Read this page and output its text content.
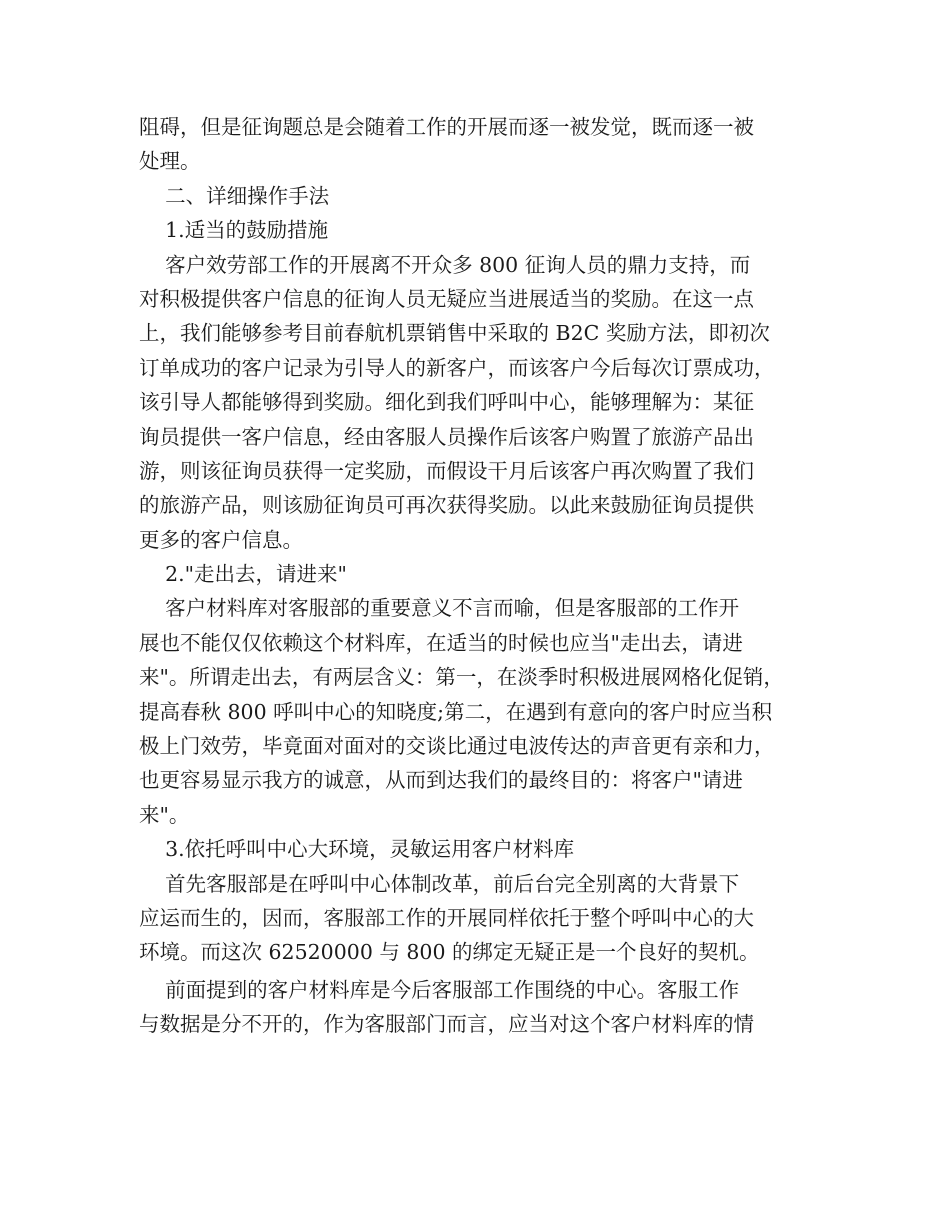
阻碍，但是征询题总是会随着工作的开展而逐一被发觉，既而逐一被
处理。
二、详细操作手法
1.适当的鼓励措施
客户效劳部工作的开展离不开众多 800 征询人员的鼎力支持，而
对积极提供客户信息的征询人员无疑应当进展适当的奖励。在这一点
上，我们能够参考目前春航机票销售中采取的 B2C 奖励方法，即初次
订单成功的客户记录为引导人的新客户，而该客户今后每次订票成功，
该引导人都能够得到奖励。细化到我们呼叫中心，能够理解为：某征
询员提供一客户信息，经由客服人员操作后该客户购置了旅游产品出
游，则该征询员获得一定奖励，而假设干月后该客户再次购置了我们
的旅游产品，则该励征询员可再次获得奖励。以此来鼓励征询员提供
更多的客户信息。
2."走出去，请进来"
客户材料库对客服部的重要意义不言而喻，但是客服部的工作开
展也不能仅仅依赖这个材料库，在适当的时候也应当"走出去，请进
来"。所谓走出去，有两层含义：第一，在淡季时积极进展网格化促销，
提高春秋 800 呼叫中心的知晓度;第二，在遇到有意向的客户时应当积
极上门效劳，毕竟面对面对的交谈比通过电波传达的声音更有亲和力，
也更容易显示我方的诚意，从而到达我们的最终目的：将客户"请进
来"。
3.依托呼叫中心大环境，灵敏运用客户材料库
首先客服部是在呼叫中心体制改革，前后台完全别离的大背景下
应运而生的，因而，客服部工作的开展同样依托于整个呼叫中心的大
环境。而这次 62520000 与 800 的绑定无疑正是一个良好的契机。
前面提到的客户材料库是今后客服部工作围绕的中心。客服工作
与数据是分不开的，作为客服部门而言，应当对这个客户材料库的情
